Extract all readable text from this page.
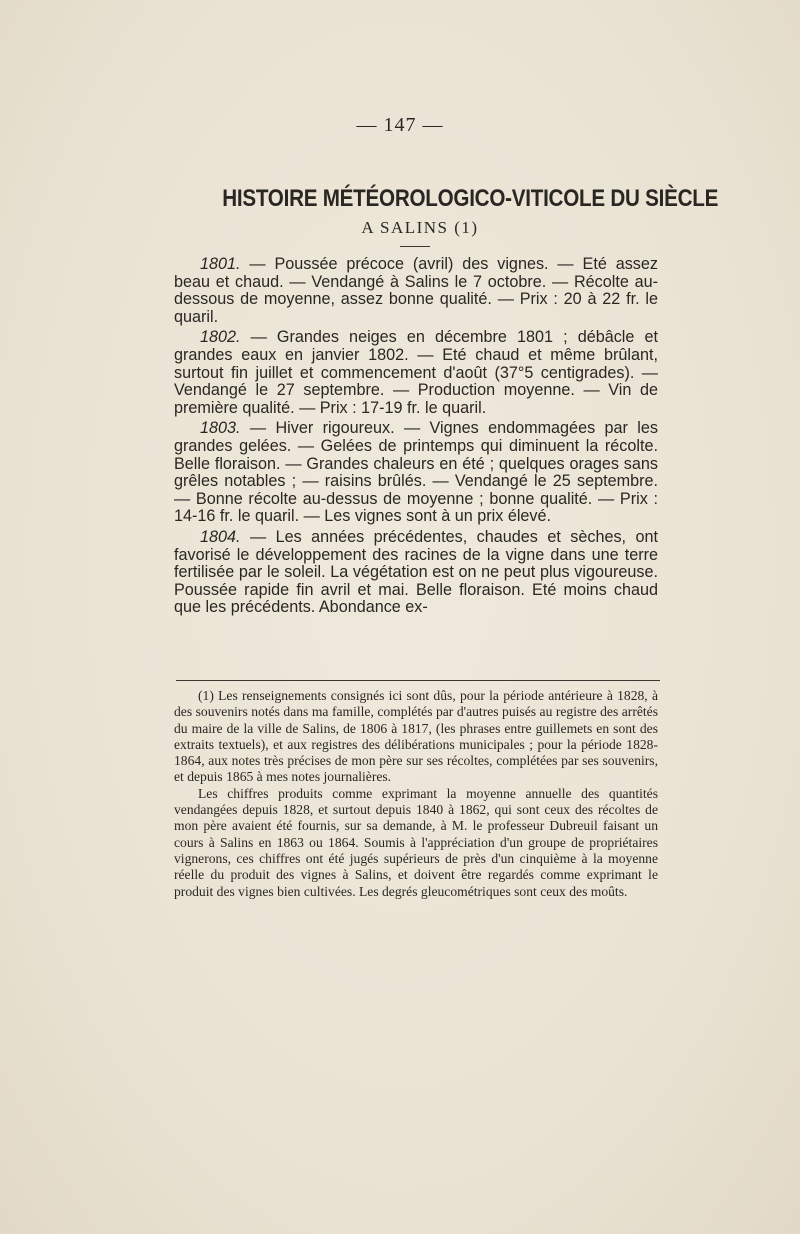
— 147 —
HISTOIRE MÉTÉOROLOGICO-VITICOLE DU SIÈCLE
A SALINS (1)

1801. — Poussée précoce (avril) des vignes. — Eté assez beau et chaud. — Vendangé à Salins le 7 octobre. — Récolte au-dessous de moyenne, assez bonne qualité. — Prix : 20 à 22 fr. le quaril.

1802. — Grandes neiges en décembre 1801 ; débâcle et grandes eaux en janvier 1802. — Eté chaud et même brûlant, surtout fin juillet et commencement d'août (37°5 centigrades). — Vendangé le 27 septembre. — Production moyenne. — Vin de première qualité. — Prix : 17-19 fr. le quaril.

1803. — Hiver rigoureux. — Vignes endommagées par les grandes gelées. — Gelées de printemps qui diminuent la récolte. Belle floraison. — Grandes chaleurs en été ; quelques orages sans grêles notables ; — raisins brûlés. — Vendangé le 25 septembre. — Bonne récolte au-dessus de moyenne ; bonne qualité. — Prix : 14-16 fr. le quaril. — Les vignes sont à un prix élevé.

1804. — Les années précédentes, chaudes et sèches, ont favorisé le développement des racines de la vigne dans une terre fertilisée par le soleil. La végétation est on ne peut plus vigoureuse. Poussée rapide fin avril et mai. Belle floraison. Eté moins chaud que les précédents. Abondance ex-

(1) Les renseignements consignés ici sont dûs, pour la période antérieure à 1828, à des souvenirs notés dans ma famille, complétés par d'autres puisés au registre des arrêtés du maire de la ville de Salins, de 1806 à 1817, (les phrases entre guillemets en sont des extraits textuels), et aux registres des délibérations municipales ; pour la période 1828-1864, aux notes très précises de mon père sur ses récoltes, complétées par ses souvenirs, et depuis 1865 à mes notes journalières.

Les chiffres produits comme exprimant la moyenne annuelle des quantités vendangées depuis 1828, et surtout depuis 1840 à 1862, qui sont ceux des récoltes de mon père avaient été fournis, sur sa demande, à M. le professeur Dubreuil faisant un cours à Salins en 1863 ou 1864. Soumis à l'appréciation d'un groupe de propriétaires vignerons, ces chiffres ont été jugés supérieurs de près d'un cinquième à la moyenne réelle du produit des vignes à Salins, et doivent être regardés comme exprimant le produit des vignes bien cultivées. Les degrés gleucométriques sont ceux des moûts.
